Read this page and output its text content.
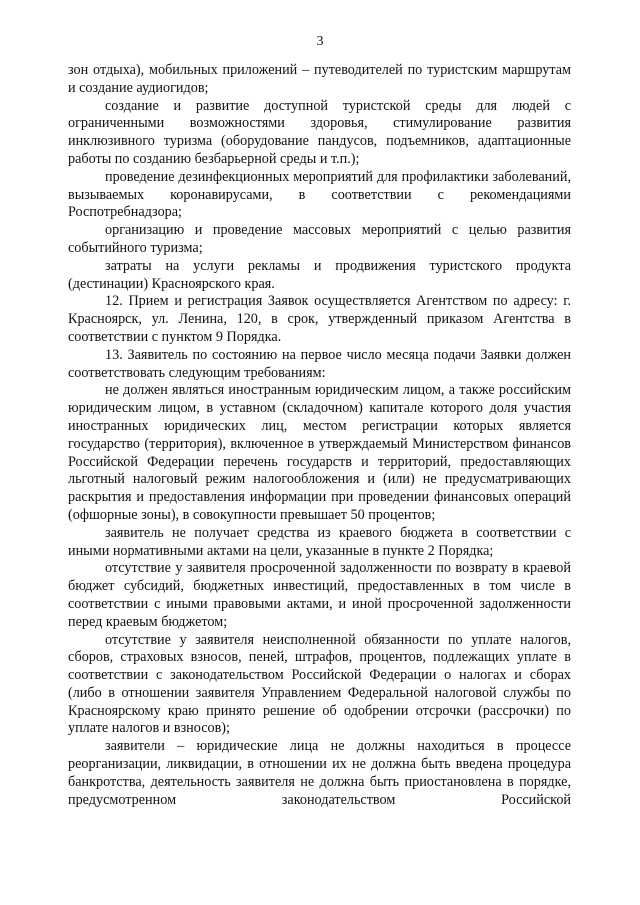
3

зон отдыха), мобильных приложений – путеводителей по туристским маршрутам и создание аудиогидов;

создание и развитие доступной туристской среды для людей с ограниченными возможностями здоровья, стимулирование развития инклюзивного туризма (оборудование пандусов, подъемников, адаптационные работы по созданию безбарьерной среды и т.п.);

проведение дезинфекционных мероприятий для профилактики заболеваний, вызываемых коронавирусами, в соответствии с рекомендациями Роспотребнадзора;

организацию и проведение массовых мероприятий с целью развития событийного туризма;

затраты на услуги рекламы и продвижения туристского продукта (дестинации) Красноярского края.

12. Прием и регистрация Заявок осуществляется Агентством по адресу: г. Красноярск, ул. Ленина, 120, в срок, утвержденный приказом Агентства в соответствии с пунктом 9 Порядка.

13. Заявитель по состоянию на первое число месяца подачи Заявки должен соответствовать следующим требованиям:

не должен являться иностранным юридическим лицом, а также российским юридическим лицом, в уставном (складочном) капитале которого доля участия иностранных юридических лиц, местом регистрации которых является государство (территория), включенное в утверждаемый Министерством финансов Российской Федерации перечень государств и территорий, предоставляющих льготный налоговый режим налогообложения и (или) не предусматривающих раскрытия и предоставления информации при проведении финансовых операций (офшорные зоны), в совокупности превышает 50 процентов;

заявитель не получает средства из краевого бюджета в соответствии с иными нормативными актами на цели, указанные в пункте 2 Порядка;

отсутствие у заявителя просроченной задолженности по возврату в краевой бюджет субсидий, бюджетных инвестиций, предоставленных в том числе в соответствии с иными правовыми актами, и иной просроченной задолженности перед краевым бюджетом;

отсутствие у заявителя неисполненной обязанности по уплате налогов, сборов, страховых взносов, пеней, штрафов, процентов, подлежащих уплате в соответствии с законодательством Российской Федерации о налогах и сборах (либо в отношении заявителя Управлением Федеральной налоговой службы по Красноярскому краю принято решение об одобрении отсрочки (рассрочки) по уплате налогов и взносов);

заявители – юридические лица не должны находиться в процессе реорганизации, ликвидации, в отношении их не должна быть введена процедура банкротства, деятельность заявителя не должна быть приостановлена в порядке, предусмотренном законодательством Российской
